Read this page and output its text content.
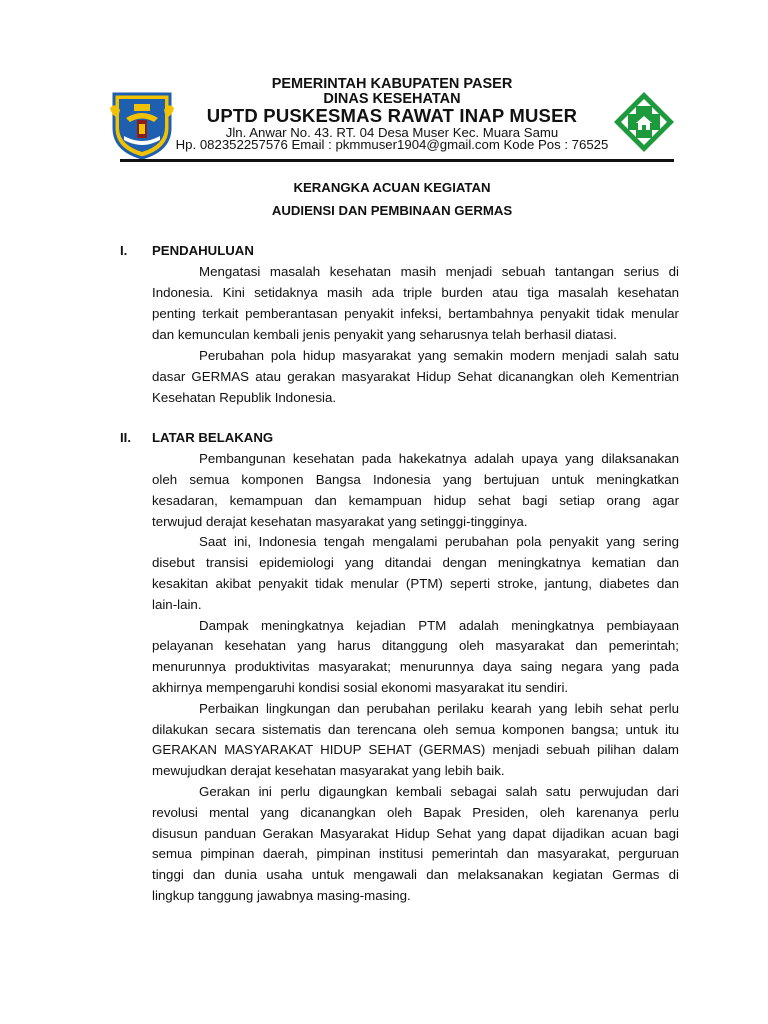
PEMERINTAH KABUPATEN PASER
DINAS KESEHATAN
UPTD PUSKESMAS RAWAT INAP MUSER
Jln. Anwar No. 43. RT. 04 Desa Muser Kec. Muara Samu
Hp. 082352257576 Email : pkmmuser1904@gmail.com Kode Pos : 76525
KERANGKA ACUAN KEGIATAN
AUDIENSI DAN PEMBINAAN GERMAS
I. PENDAHULUAN
Mengatasi masalah kesehatan masih menjadi sebuah tantangan serius di
Indonesia. Kini setidaknya masih ada triple burden atau tiga masalah kesehatan
penting terkait pemberantasan penyakit infeksi, bertambahnya penyakit tidak menular
dan kemunculan kembali jenis penyakit yang seharusnya telah berhasil diatasi.
Perubahan pola hidup masyarakat yang semakin modern menjadi salah satu
dasar GERMAS atau gerakan masyarakat Hidup Sehat dicanangkan oleh Kementrian
Kesehatan Republik Indonesia.
II. LATAR BELAKANG
Pembangunan kesehatan pada hakekatnya adalah upaya yang dilaksanakan
oleh semua komponen Bangsa Indonesia yang bertujuan untuk meningkatkan
kesadaran, kemampuan dan kemampuan hidup sehat bagi setiap orang agar
terwujud derajat kesehatan masyarakat yang setinggi-tingginya.
Saat ini, Indonesia tengah mengalami perubahan pola penyakit yang sering
disebut transisi epidemiologi yang ditandai dengan meningkatnya kematian dan
kesakitan akibat penyakit tidak menular (PTM) seperti stroke, jantung, diabetes dan
lain-lain.
Dampak meningkatnya kejadian PTM adalah meningkatnya pembiayaan
pelayanan kesehatan yang harus ditanggung oleh masyarakat dan pemerintah;
menurunnya produktivitas masyarakat; menurunnya daya saing negara yang pada
akhirnya mempengaruhi kondisi sosial ekonomi masyarakat itu sendiri.
Perbaikan lingkungan dan perubahan perilaku kearah yang lebih sehat perlu
dilakukan secara sistematis dan terencana oleh semua komponen bangsa; untuk itu
GERAKAN MASYARAKAT HIDUP SEHAT (GERMAS) menjadi sebuah pilihan dalam
mewujudkan derajat kesehatan masyarakat yang lebih baik.
Gerakan ini perlu digaungkan kembali sebagai salah satu perwujudan dari
revolusi mental yang dicanangkan oleh Bapak Presiden, oleh karenanya perlu
disusun panduan Gerakan Masyarakat Hidup Sehat yang dapat dijadikan acuan bagi
semua pimpinan daerah, pimpinan institusi pemerintah dan masyarakat, perguruan
tinggi dan dunia usaha untuk mengawali dan melaksanakan kegiatan Germas di
lingkup tanggung jawabnya masing-masing.
